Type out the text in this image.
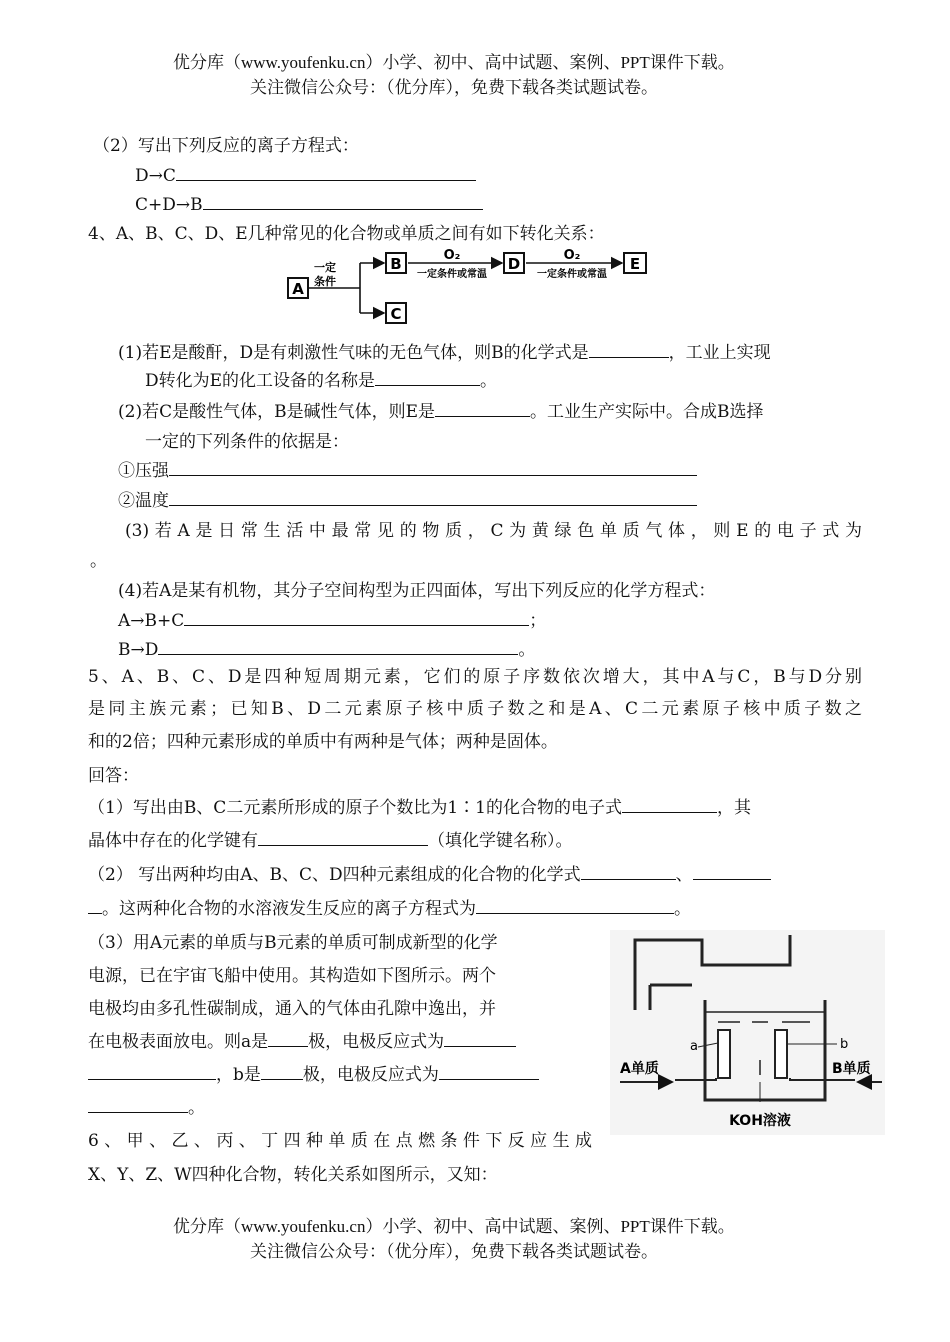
优分库（www.youfenku.cn）小学、初中、高中试题、案例、PPT课件下载。
关注微信公众号：（优分库），免费下载各类试题试卷。
（2）写出下列反应的离子方程式：
D→C
C+D→B
4、A、B、C、D、E几种常见的化合物或单质之间有如下转化关系：
A
一定
条件
B
C
O₂
一定条件或常温
D	O₂
一定条件或常温
E
(1)若E是酸酐，D是有刺激性气味的无色气体，则B的化学式是	，工业上实现
D转化为E的化工设备的名称是	。
(2)若C是酸性气体，B是碱性气体，则E是	。工业生产实际中。合成B选择
一定的下列条件的依据是：
①压强
②温度
(3)若A是日常生活中最常见的物质，C为黄绿色单质气体，则E的电子式为
。
(4)若A是某有机物，其分子空间构型为正四面体，写出下列反应的化学方程式：
A→B+C	；
B→D	。
5、A、B、C、D是四种短周期元素，它们的原子序数依次增大，其中A与C，B与D分别
是同主族元素；已知B、D二元素原子核中质子数之和是A、C二元素原子核中质子数之
和的2倍；四种元素形成的单质中有两种是气体；两种是固体。
回答：
（1）写出由B、C二元素所形成的原子个数比为1∶1的化合物的电子式	，其
晶体中存在的化学键有	（填化学键名称）。
（2） 写出两种均由A、B、C、D四种元素组成的化合物的化学式	、
。这两种化合物的水溶液发生反应的离子方程式为	。
（3）用A元素的单质与B元素的单质可制成新型的化学
电源，已在宇宙飞船中使用。其构造如下图所示。两个
电极均由多孔性碳制成，通入的气体由孔隙中逸出，并
在电极表面放电。则a是 极，电极反应式为
，b是 极，电极反应式为
。
a	b
A单质	B单质
KOH溶液
6、甲、乙、丙、丁四种单质在点燃条件下反应生成
X、Y、Z、W四种化合物，转化关系如图所示，又知：
优分库（www.youfenku.cn）小学、初中、高中试题、案例、PPT课件下载。
关注微信公众号：（优分库），免费下载各类试题试卷。
